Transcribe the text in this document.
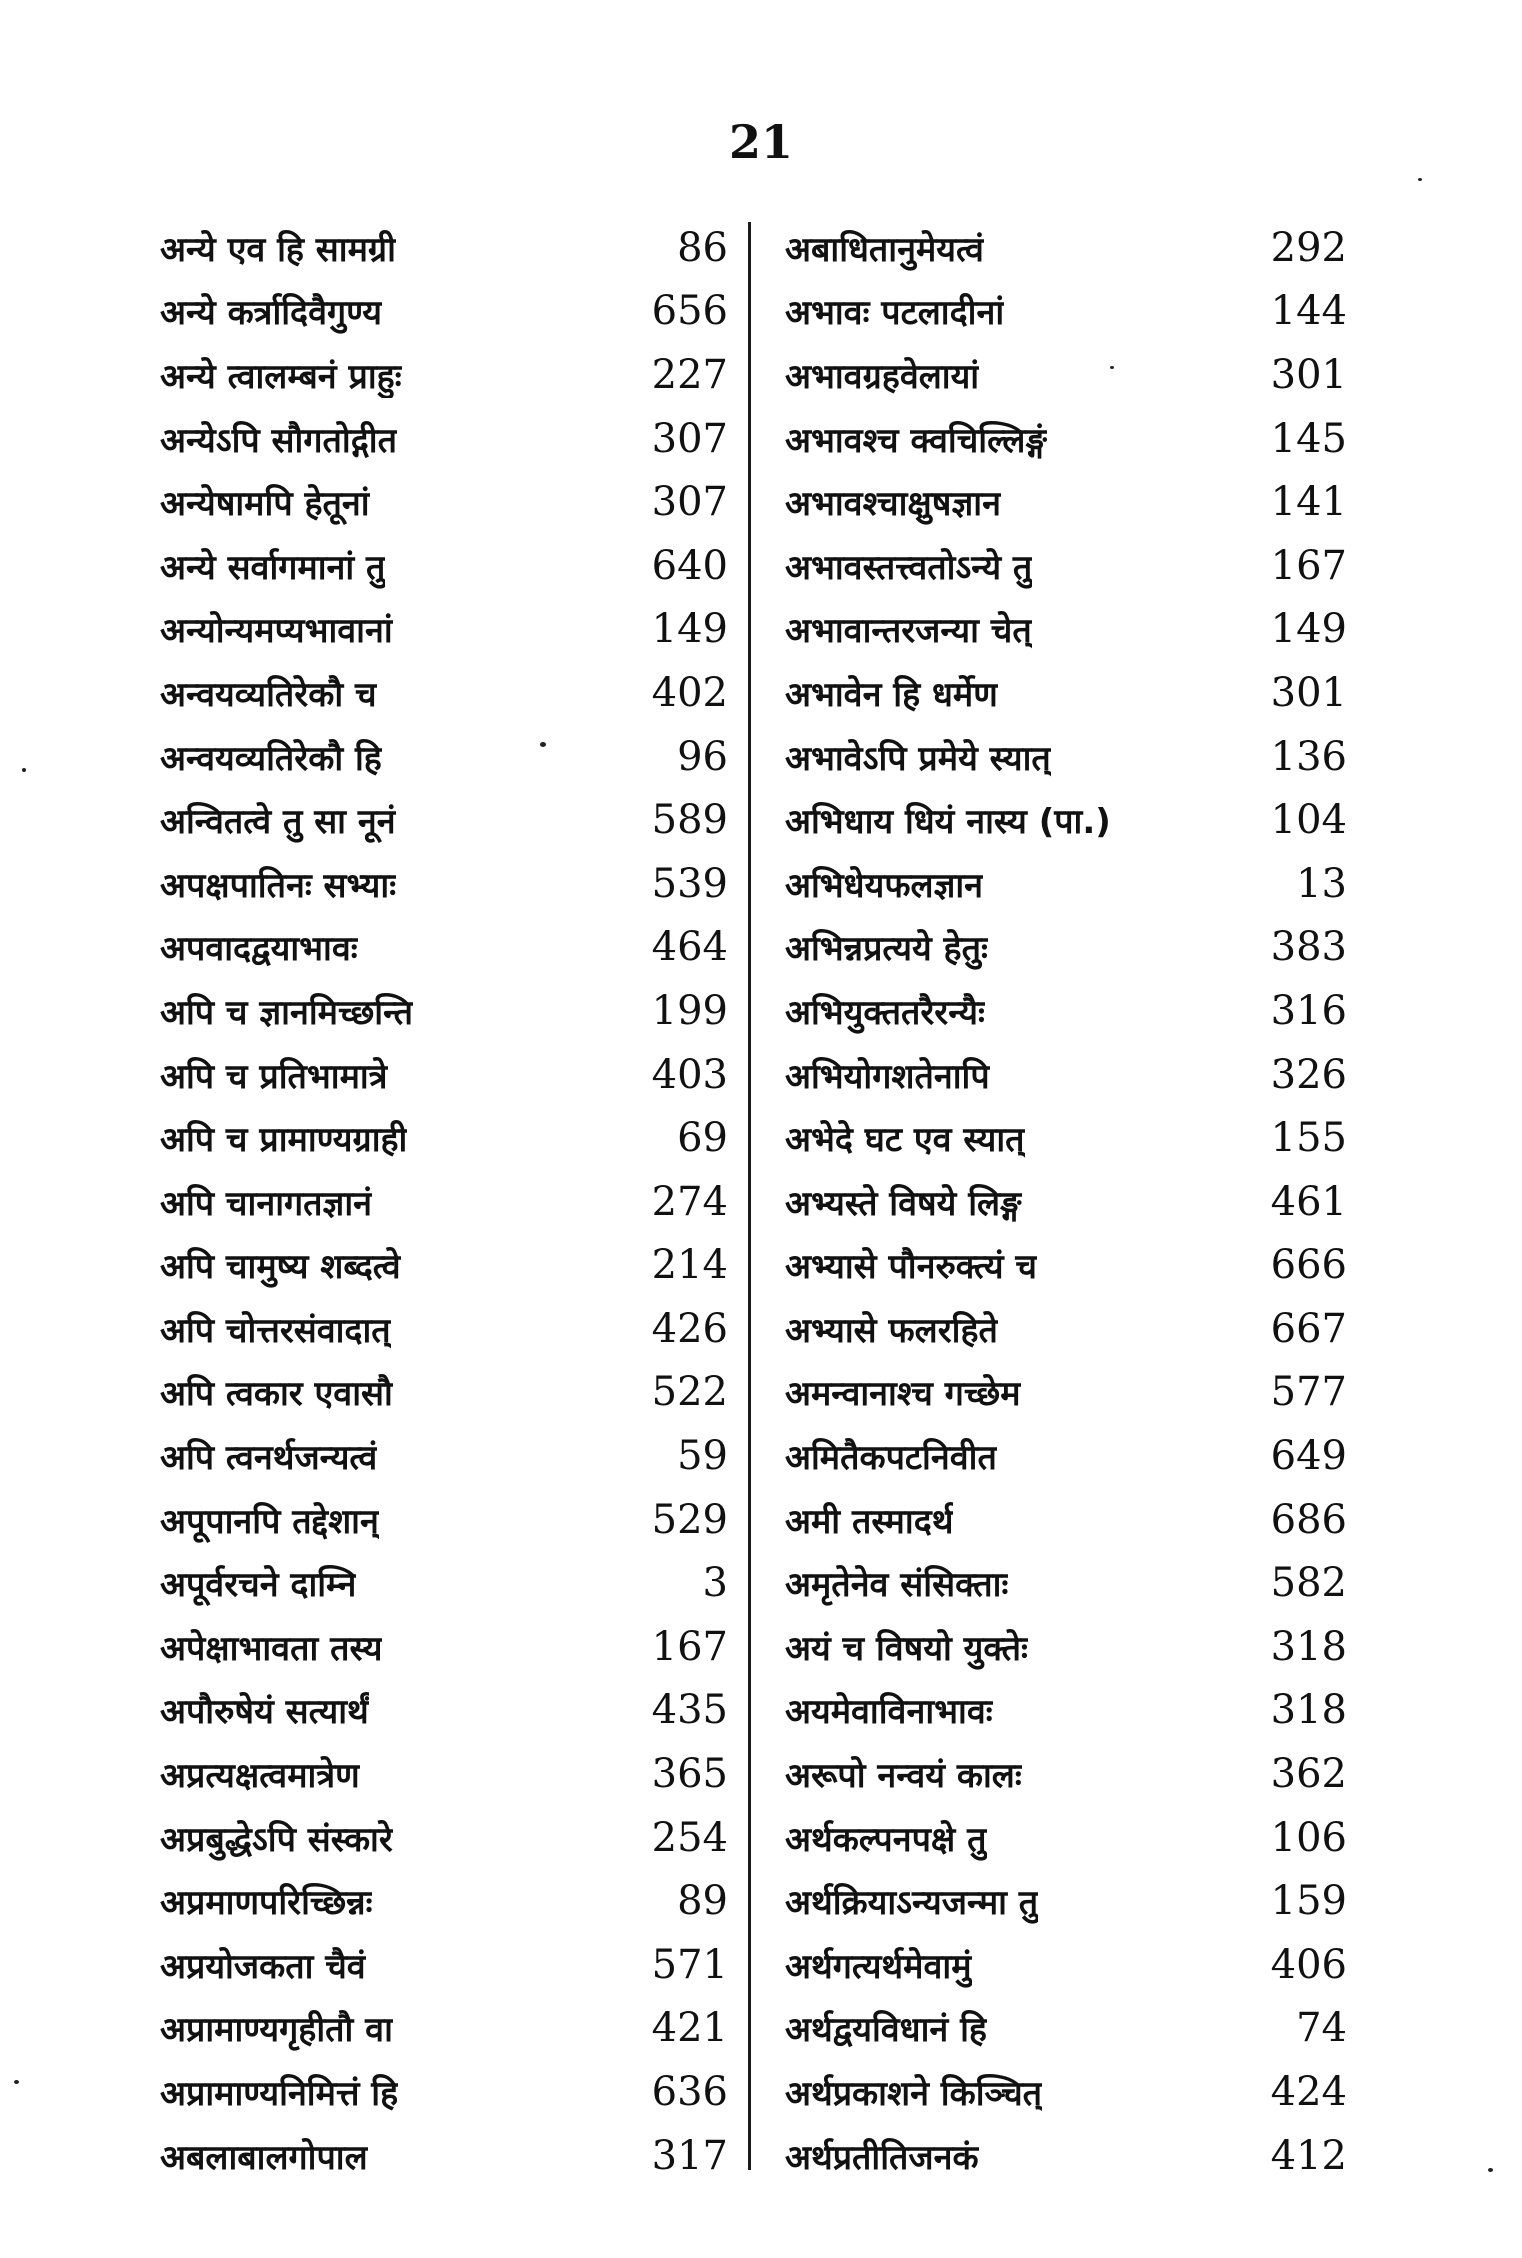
21
अन्ये एव हि सामग्री	86
अन्ये कर्त्रादिवैगुण्य	656
अन्ये त्वालम्बनं प्राहुः	227
अन्येऽपि सौगतोद्गीत	307
अन्येषामपि हेतूनां	307
अन्ये सर्वागमानां तु	640
अन्योन्यमप्यभावानां	149
अन्वयव्यतिरेकौ च	402
अन्वयव्यतिरेकौ हि	96
अन्वितत्वे तु सा नूनं	589
अपक्षपातिनः सभ्याः	539
अपवादद्वयाभावः	464
अपि च ज्ञानमिच्छन्ति	199
अपि च प्रतिभामात्रे	403
अपि च प्रामाण्यग्राही	69
अपि चानागतज्ञानं	274
अपि चामुष्य शब्दत्वे	214
अपि चोत्तरसंवादात्	426
अपि त्वकार एवासौ	522
अपि त्वनर्थजन्यत्वं	59
अपूपानपि तद्देशान्	529
अपूर्वरचने दाम्नि	3
अपेक्षाभावता तस्य	167
अपौरुषेयं सत्यार्थं	435
अप्रत्यक्षत्वमात्रेण	365
अप्रबुद्धेऽपि संस्कारे	254
अप्रमाणपरिच्छिन्नः	89
अप्रयोजकता चैवं	571
अप्रामाण्यगृहीतौ वा	421
अप्रामाण्यनिमित्तं हि	636
अबलाबालगोपाल	317
अबाधितानुमेयत्वं	292
अभावः पटलादीनां	144
अभावग्रहवेलायां	301
अभावश्च क्वचिल्लिङ्गं	145
अभावश्चाक्षुषज्ञान	141
अभावस्तत्त्वतोऽन्ये तु	167
अभावान्तरजन्या चेत्	149
अभावेन हि धर्मेण	301
अभावेऽपि प्रमेये स्यात्	136
अभिधाय धियं नास्य (पा.)	104
अभिधेयफलज्ञान	13
अभिन्नप्रत्यये हेतुः	383
अभियुक्ततरैरन्यैः	316
अभियोगशतेनापि	326
अभेदे घट एव स्यात्	155
अभ्यस्ते विषये लिङ्ग	461
अभ्यासे पौनरुक्त्यं च	666
अभ्यासे फलरहिते	667
अमन्वानाश्च गच्छेम	577
अमितैकपटनिवीत	649
अमी तस्मादर्थ	686
अमृतेनेव संसिक्ताः	582
अयं च विषयो युक्तेः	318
अयमेवाविनाभावः	318
अरूपो नन्वयं कालः	362
अर्थकल्पनपक्षे तु	106
अर्थक्रियाऽन्यजन्मा तु	159
अर्थगत्यर्थमेवामुं	406
अर्थद्वयविधानं हि	74
अर्थप्रकाशने किञ्चित्	424
अर्थप्रतीतिजनकं	412
